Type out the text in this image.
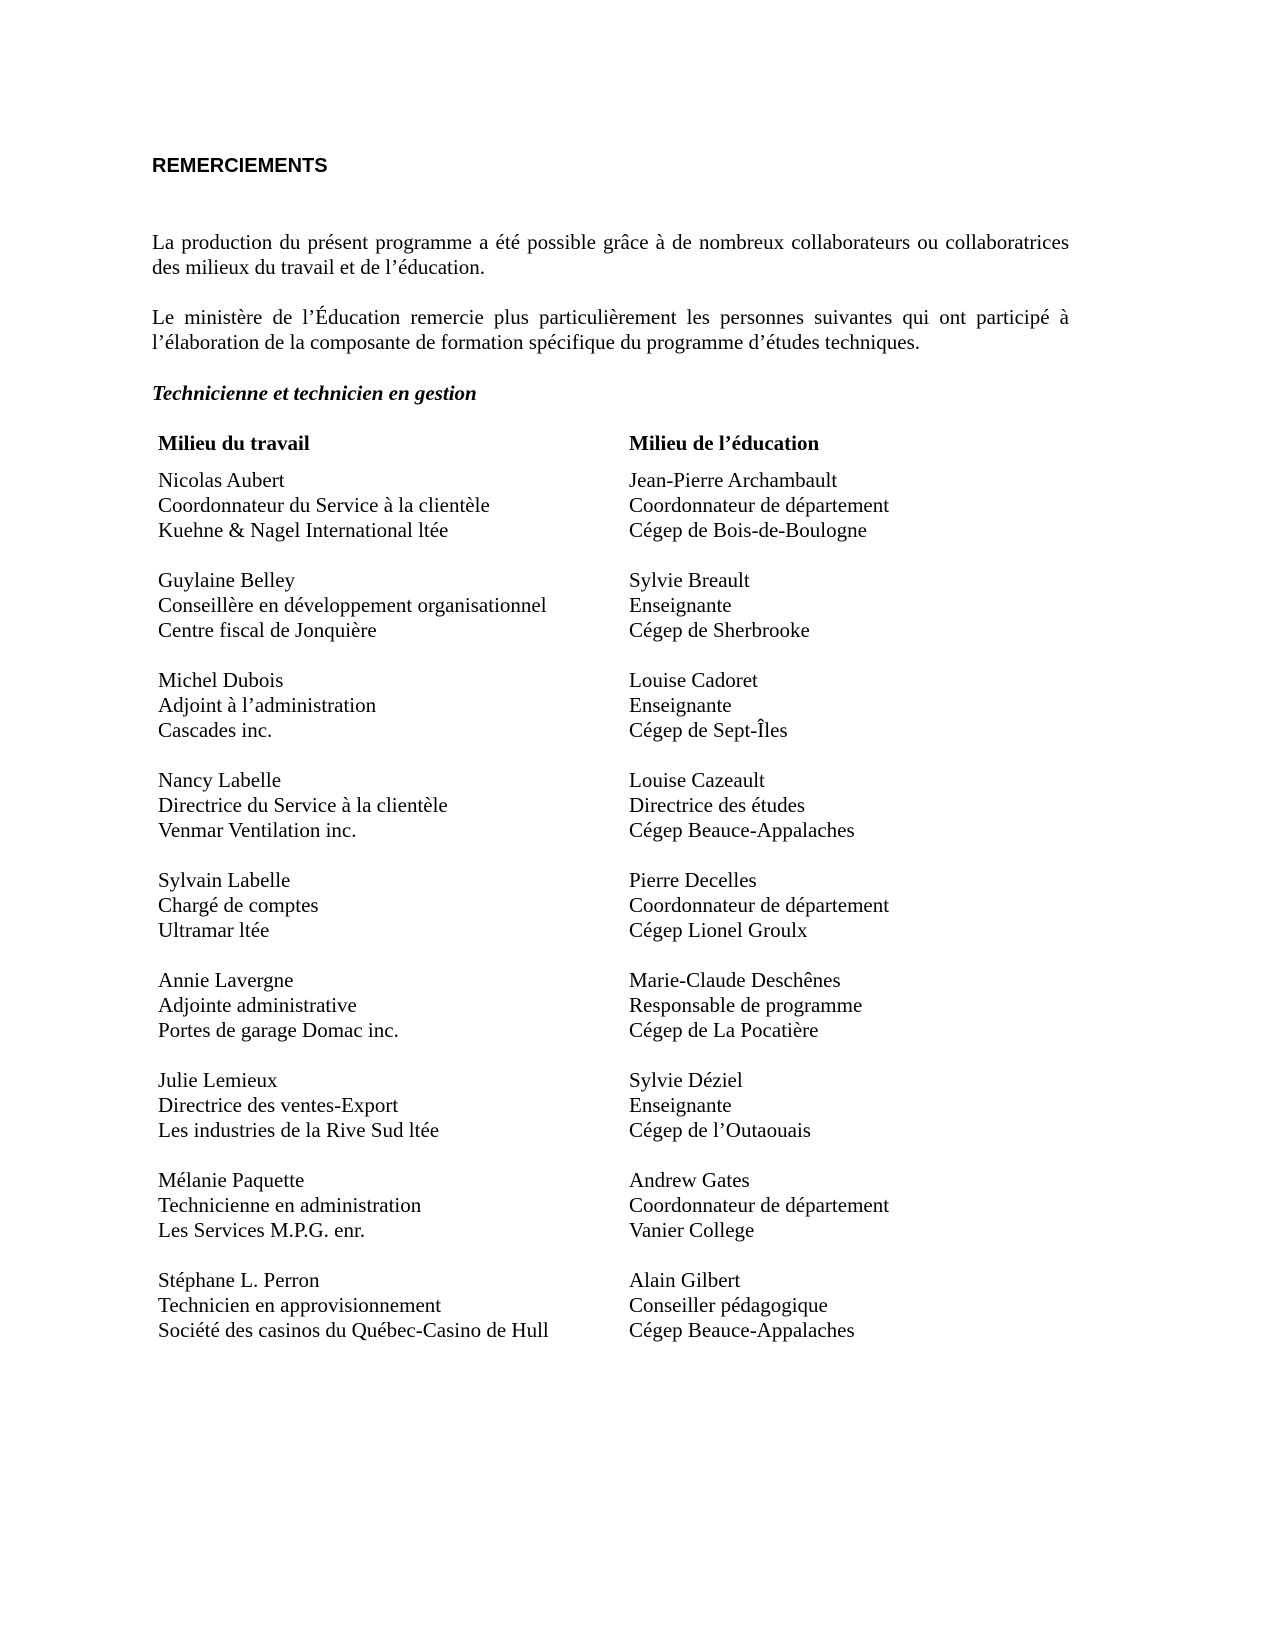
REMERCIEMENTS
La production du présent programme a été possible grâce à de nombreux collaborateurs ou collaboratrices des milieux du travail et de l’éducation.
Le ministère de l’Éducation remercie plus particulièrement les personnes suivantes qui ont participé à l’élaboration de la composante de formation spécifique du programme d’études techniques.
Technicienne et technicien en gestion
Milieu du travail
Nicolas Aubert
Coordonnateur du Service à la clientèle
Kuehne & Nagel International ltée
Guylaine Belley
Conseillère en développement organisationnel
Centre fiscal de Jonquière
Michel Dubois
Adjoint à l’administration
Cascades inc.
Nancy Labelle
Directrice du Service à la clientèle
Venmar Ventilation inc.
Sylvain Labelle
Chargé de comptes
Ultramar ltée
Annie Lavergne
Adjointe administrative
Portes de garage Domac inc.
Julie Lemieux
Directrice des ventes-Export
Les industries de la Rive Sud ltée
Mélanie Paquette
Technicienne en administration
Les Services M.P.G. enr.
Stéphane L. Perron
Technicien en approvisionnement
Société des casinos du Québec-Casino de Hull
Milieu de l’éducation
Jean-Pierre Archambault
Coordonnateur de département
Cégep de Bois-de-Boulogne
Sylvie Breault
Enseignante
Cégep de Sherbrooke
Louise Cadoret
Enseignante
Cégep de Sept-Îles
Louise Cazeault
Directrice des études
Cégep Beauce-Appalaches
Pierre Decelles
Coordonnateur de département
Cégep Lionel Groulx
Marie-Claude Deschênes
Responsable de programme
Cégep de La Pocatière
Sylvie Déziel
Enseignante
Cégep de l’Outaouais
Andrew Gates
Coordonnateur de département
Vanier College
Alain Gilbert
Conseiller pédagogique
Cégep Beauce-Appalaches
